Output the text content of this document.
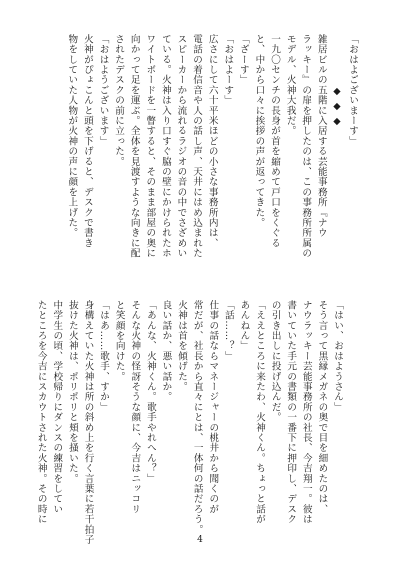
「おはよございまーす」
◆◆◆
雑居ビルの五階に入居する芸能事務所『ナウ
ラッキー』の扉を押したのは、この事務所所属の
モデル、火神大我だ。
一九〇センチの長身が首を縮めて戸口をくぐる
と、中から口々に挨拶の声が返ってきた。
「ざーす」
「おはよーす」
広さにして六十平米ほどの小さな事務所内は、
電話の着信音や人の話し声、天井にはめ込まれた
スピーカーから流れるラジオの音の中でさざめい
ている。火神は入り口すぐ脇の壁にかけられたホ
ワイトボードを一瞥すると、そのまま部屋の奥に
向かって足を運ぶ。全体を見渡すような向きに配
されたデスクの前に立った。
「おはようございます」
火神がぴょこんと頭を下げると、デスクで書き
物をしていた人物が火神の声に顔を上げた。
「はい、おはようさん」
そう言って黒縁メガネの奥で目を細めたのは、
ナウラッキー芸能事務所の社長、今吉翔一。彼は
書いていた手元の書類の一番下に押印し、デスク
の引き出しに投げ込んだ。
「ええところに来たわ、火神くん。ちょっと話が
あんねん」
「話……？」
仕事の話ならマネージャーの桃井から聞くのが
常だが、社長から直々にとは、一体何の話だろう。
火神は首を傾げた。
良い話か、悪い話か。
「あんな、火神くん。歌手やれへん？」
そんな火神の怪訝そうな顔に、今吉はニッコリ
と笑顔を向けた。
「はあ……歌手、すか」
身構えていた火神は所の斜め上を行く言葉に若干拍子
抜けた火神は、ポリポリと頬を掻いた。
中学生の頃、学校帰りにダンスの練習をしてい
たところを今吉にスカウトされた火神。その時に
4
